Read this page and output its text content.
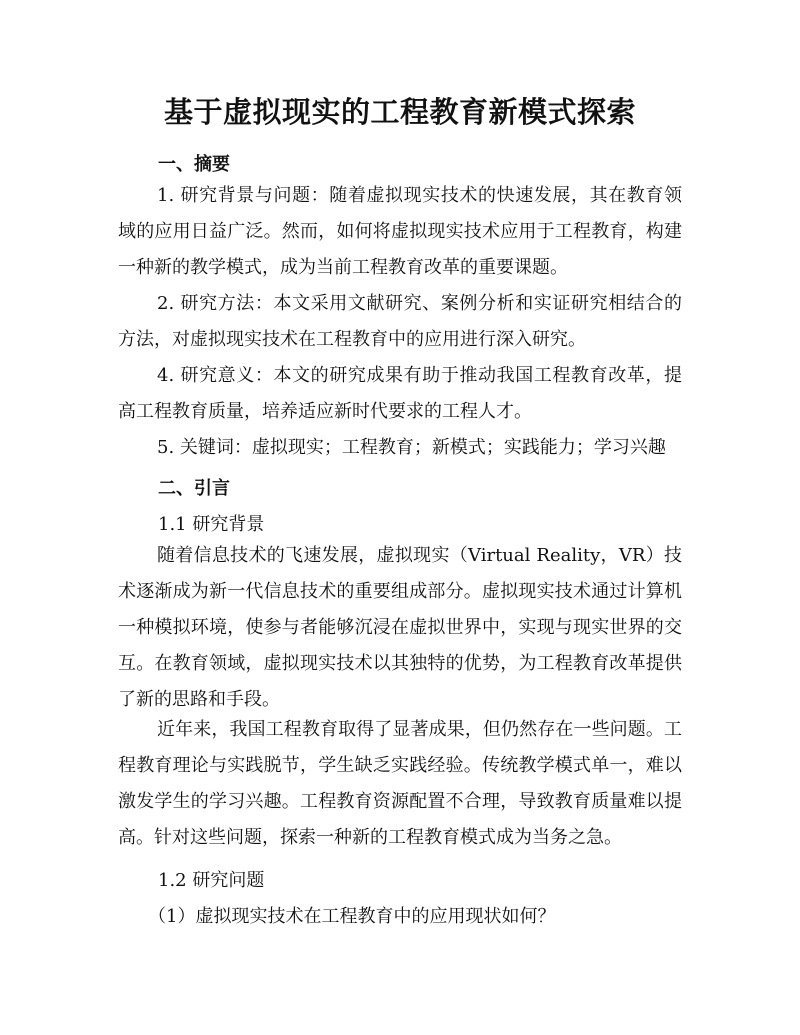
基于虚拟现实的工程教育新模式探索
一、摘要

1. 研究背景与问题：随着虚拟现实技术的快速发展，其在教育领域的应用日益广泛。然而，如何将虚拟现实技术应用于工程教育，构建一种新的教学模式，成为当前工程教育改革的重要课题。

2. 研究方法：本文采用文献研究、案例分析和实证研究相结合的方法，对虚拟现实技术在工程教育中的应用进行深入研究。

4. 研究意义：本文的研究成果有助于推动我国工程教育改革，提高工程教育质量，培养适应新时代要求的工程人才。

5. 关键词：虚拟现实；工程教育；新模式；实践能力；学习兴趣

二、引言
1.1 研究背景

随着信息技术的飞速发展，虚拟现实（Virtual Reality，VR）技术逐渐成为新一代信息技术的重要组成部分。虚拟现实技术通过计算机一种模拟环境，使参与者能够沉浸在虚拟世界中，实现与现实世界的交互。在教育领域，虚拟现实技术以其独特的优势，为工程教育改革提供了新的思路和手段。

近年来，我国工程教育取得了显著成果，但仍然存在一些问题。工程教育理论与实践脱节，学生缺乏实践经验。传统教学模式单一，难以激发学生的学习兴趣。工程教育资源配置不合理，导致教育质量难以提高。针对这些问题，探索一种新的工程教育模式成为当务之急。

1.2 研究问题
（1）虚拟现实技术在工程教育中的应用现状如何？
